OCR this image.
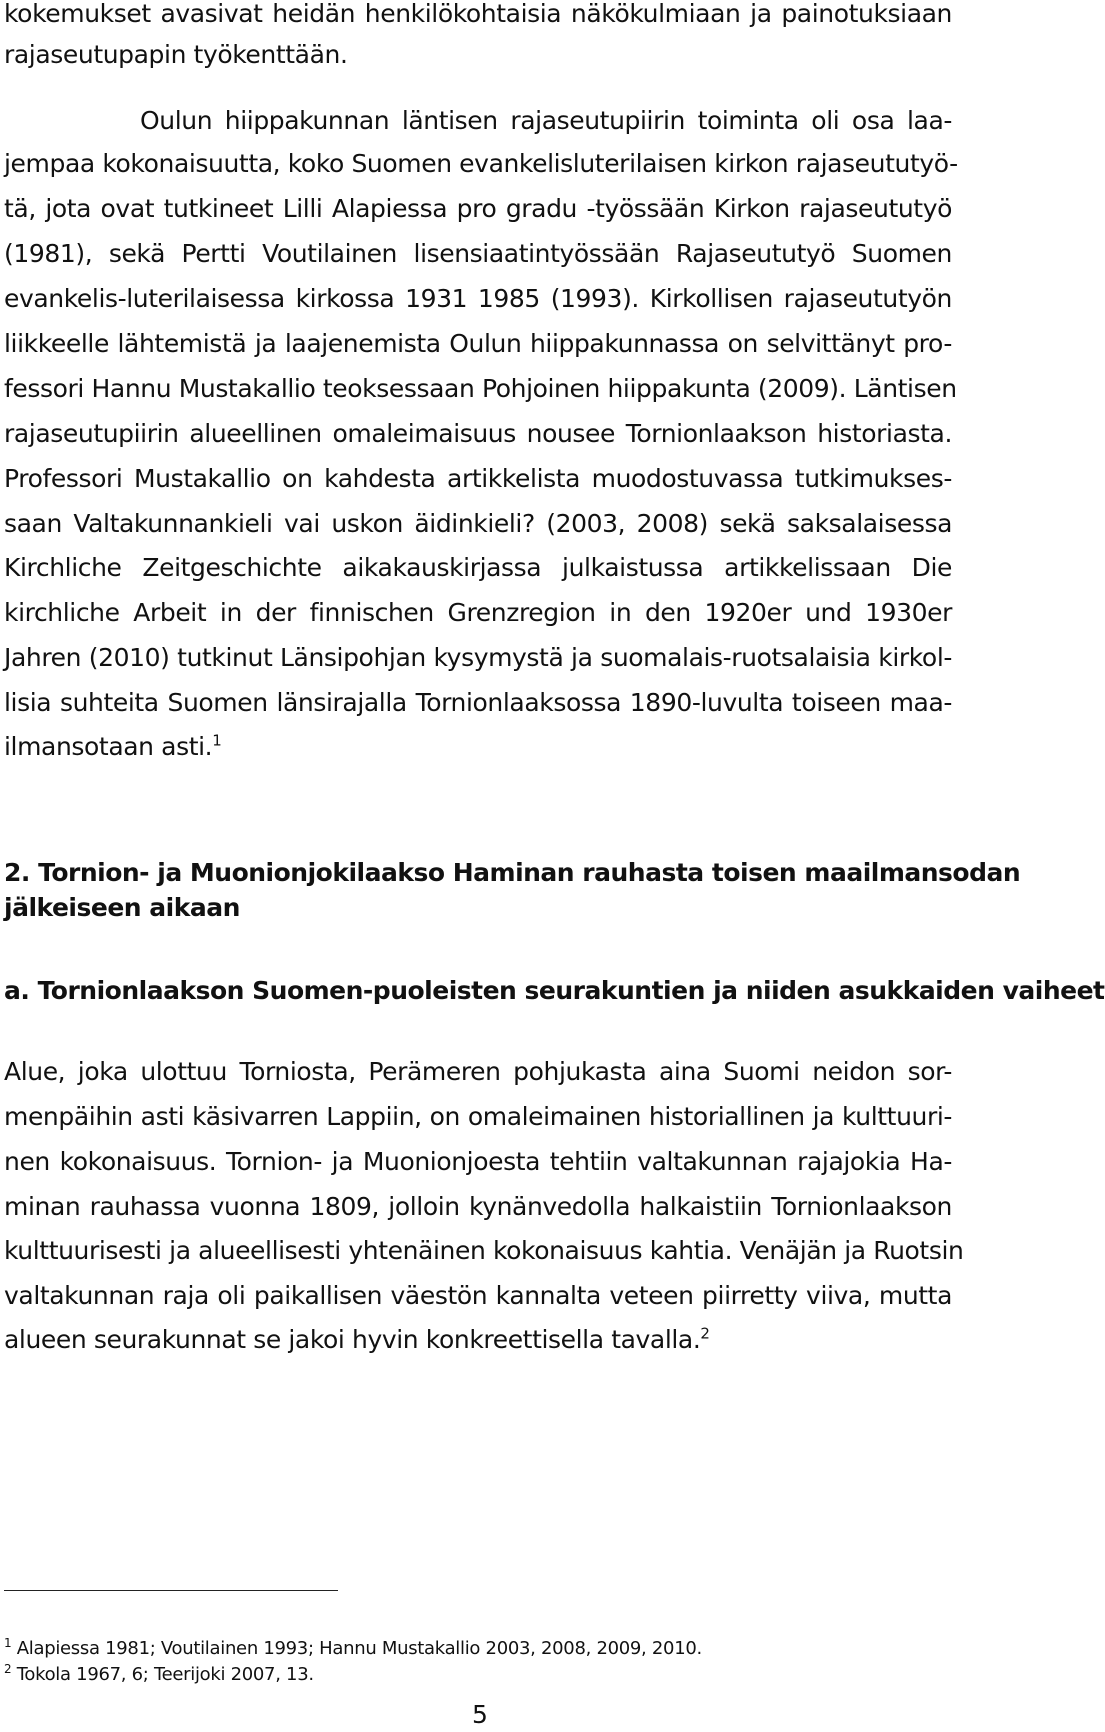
kokemukset avasivat heidän henkilökohtaisia näkökulmiaan ja painotuksiaan

rajaseutupapin työkenttään.

Oulun hiippakunnan läntisen rajaseutupiirin toiminta oli osa laa-

jempaa kokonaisuutta, koko Suomen evankelisluterilaisen kirkon rajaseututyö-

tä, jota ovat tutkineet Lilli Alapiessa pro gradu -työssään Kirkon rajaseututyö

(1981), sekä Pertti Voutilainen lisensiaatintyössään Rajaseututyö Suomen

evankelis-luterilaisessa kirkossa 1931 1985 (1993). Kirkollisen rajaseututyön

liikkeelle lähtemistä ja laajenemista Oulun hiippakunnassa on selvittänyt pro-

fessori Hannu Mustakallio teoksessaan Pohjoinen hiippakunta (2009). Läntisen

rajaseutupiirin alueellinen omaleimaisuus nousee Tornionlaakson historiasta.

Professori Mustakallio on kahdesta artikkelista muodostuvassa tutkimukses-

saan Valtakunnankieli vai uskon äidinkieli? (2003, 2008) sekä saksalaisessa

Kirchliche Zeitgeschichte aikakauskirjassa julkaistussa artikkelissaan Die

kirchliche Arbeit in der finnischen Grenzregion in den 1920er und 1930er

Jahren (2010) tutkinut Länsipohjan kysymystä ja suomalais-ruotsalaisia kirkol-

lisia suhteita Suomen länsirajalla Tornionlaaksossa 1890-luvulta toiseen maa-

ilmansotaan asti.$^1$

2. Tornion- ja Muonionjokilaakso Haminan rauhasta toisen maailmansodan
jälkeiseen aikaan
a. Tornionlaakson Suomen-puoleisten seurakuntien ja niiden asukkaiden vaiheet

Alue, joka ulottuu Torniosta, Perämeren pohjukasta aina Suomi neidon sor-

menpäihin asti käsivarren Lappiin, on omaleimainen historiallinen ja kulttuuri-

nen kokonaisuus. Tornion- ja Muonionjoesta tehtiin valtakunnan rajajokia Ha-

minan rauhassa vuonna 1809, jolloin kynänvedolla halkaistiin Tornionlaakson

kulttuurisesti ja alueellisesti yhtenäinen kokonaisuus kahtia. Venäjän ja Ruotsin

valtakunnan raja oli paikallisen väestön kannalta veteen piirretty viiva, mutta

alueen seurakunnat se jakoi hyvin konkreettisella tavalla.$^2$

$^1$ Alapiessa 1981; Voutilainen 1993; Hannu Mustakallio 2003, 2008, 2009, 2010.

$^2$ Tokola 1967, 6; Teerijoki 2007, 13.

5
